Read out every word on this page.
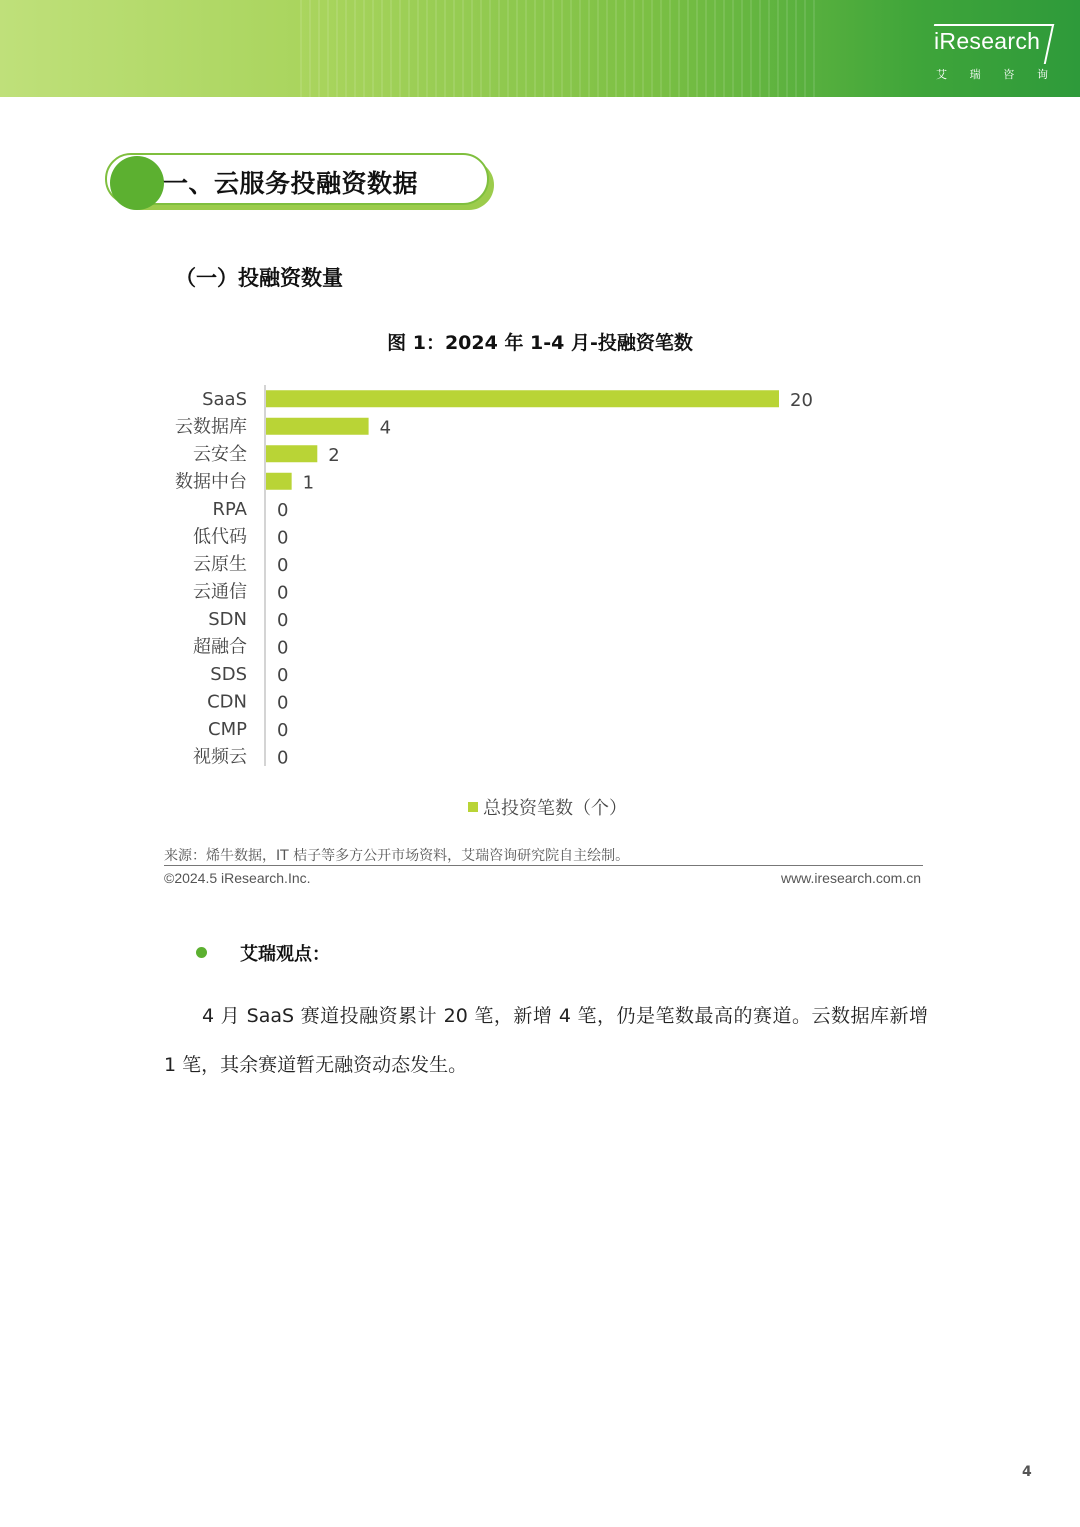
iResearch
艾 瑞 咨 询
一、云服务投融资数据
（一）投融资数量
图 1：2024 年 1-4 月-投融资笔数
SaaS	20
云数据库	4
云安全	2
数据中台	1
RPA 0
低代码 0
云原生 0
云通信 0
SDN 0
超融合 0
SDS 0
CDN 0
CMP 0
视频云 0
总投资笔数（个）
来源：烯牛数据，IT 桔子等多方公开市场资料，艾瑞咨询研究院自主绘制。
©2024.5 iResearch.Inc.	www.iresearch.com.cn
艾瑞观点：
4 月 SaaS 赛道投融资累计 20 笔，新增 4 笔，仍是笔数最高的赛道。云数据库新增 1 笔，其余赛道暂无融资动态发生。
4
